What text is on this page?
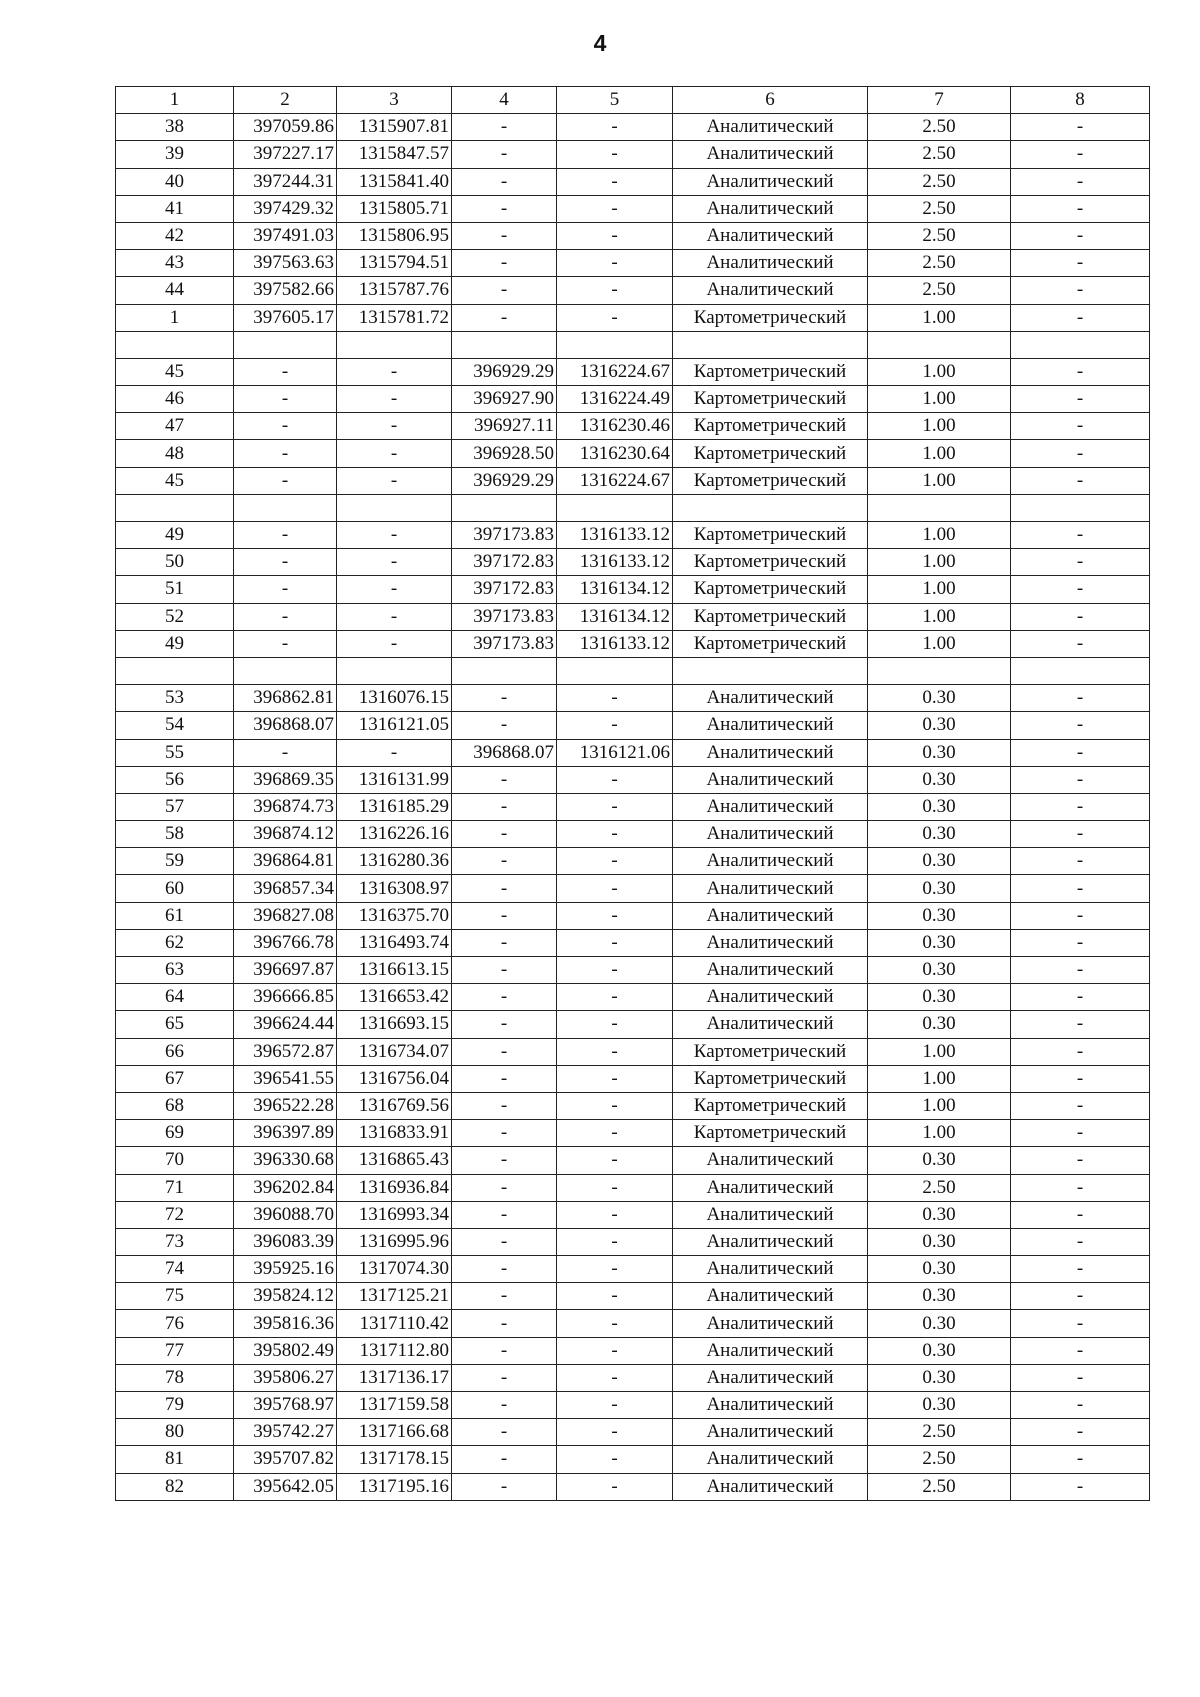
4
1	2	3	4	5	6	7	8
38	397059.86	1315907.81	-	-	Аналитический	2.50	-
39	397227.17	1315847.57	-	-	Аналитический	2.50	-
40	397244.31	1315841.40	-	-	Аналитический	2.50	-
41	397429.32	1315805.71	-	-	Аналитический	2.50	-
42	397491.03	1315806.95	-	-	Аналитический	2.50	-
43	397563.63	1315794.51	-	-	Аналитический	2.50	-
44	397582.66	1315787.76	-	-	Аналитический	2.50	-
1	397605.17	1315781.72	-	-	Картометрический	1.00	-

45	-	-	396929.29	1316224.67	Картометрический	1.00	-
46	-	-	396927.90	1316224.49	Картометрический	1.00	-
47	-	-	396927.11	1316230.46	Картометрический	1.00	-
48	-	-	396928.50	1316230.64	Картометрический	1.00	-
45	-	-	396929.29	1316224.67	Картометрический	1.00	-

49	-	-	397173.83	1316133.12	Картометрический	1.00	-
50	-	-	397172.83	1316133.12	Картометрический	1.00	-
51	-	-	397172.83	1316134.12	Картометрический	1.00	-
52	-	-	397173.83	1316134.12	Картометрический	1.00	-
49	-	-	397173.83	1316133.12	Картометрический	1.00	-

53	396862.81	1316076.15	-	-	Аналитический	0.30	-
54	396868.07	1316121.05	-	-	Аналитический	0.30	-
55	-	-	396868.07	1316121.06	Аналитический	0.30	-
56	396869.35	1316131.99	-	-	Аналитический	0.30	-
57	396874.73	1316185.29	-	-	Аналитический	0.30	-
58	396874.12	1316226.16	-	-	Аналитический	0.30	-
59	396864.81	1316280.36	-	-	Аналитический	0.30	-
60	396857.34	1316308.97	-	-	Аналитический	0.30	-
61	396827.08	1316375.70	-	-	Аналитический	0.30	-
62	396766.78	1316493.74	-	-	Аналитический	0.30	-
63	396697.87	1316613.15	-	-	Аналитический	0.30	-
64	396666.85	1316653.42	-	-	Аналитический	0.30	-
65	396624.44	1316693.15	-	-	Аналитический	0.30	-
66	396572.87	1316734.07	-	-	Картометрический	1.00	-
67	396541.55	1316756.04	-	-	Картометрический	1.00	-
68	396522.28	1316769.56	-	-	Картометрический	1.00	-
69	396397.89	1316833.91	-	-	Картометрический	1.00	-
70	396330.68	1316865.43	-	-	Аналитический	0.30	-
71	396202.84	1316936.84	-	-	Аналитический	2.50	-
72	396088.70	1316993.34	-	-	Аналитический	0.30	-
73	396083.39	1316995.96	-	-	Аналитический	0.30	-
74	395925.16	1317074.30	-	-	Аналитический	0.30	-
75	395824.12	1317125.21	-	-	Аналитический	0.30	-
76	395816.36	1317110.42	-	-	Аналитический	0.30	-
77	395802.49	1317112.80	-	-	Аналитический	0.30	-
78	395806.27	1317136.17	-	-	Аналитический	0.30	-
79	395768.97	1317159.58	-	-	Аналитический	0.30	-
80	395742.27	1317166.68	-	-	Аналитический	2.50	-
81	395707.82	1317178.15	-	-	Аналитический	2.50	-
82	395642.05	1317195.16	-	-	Аналитический	2.50	-
